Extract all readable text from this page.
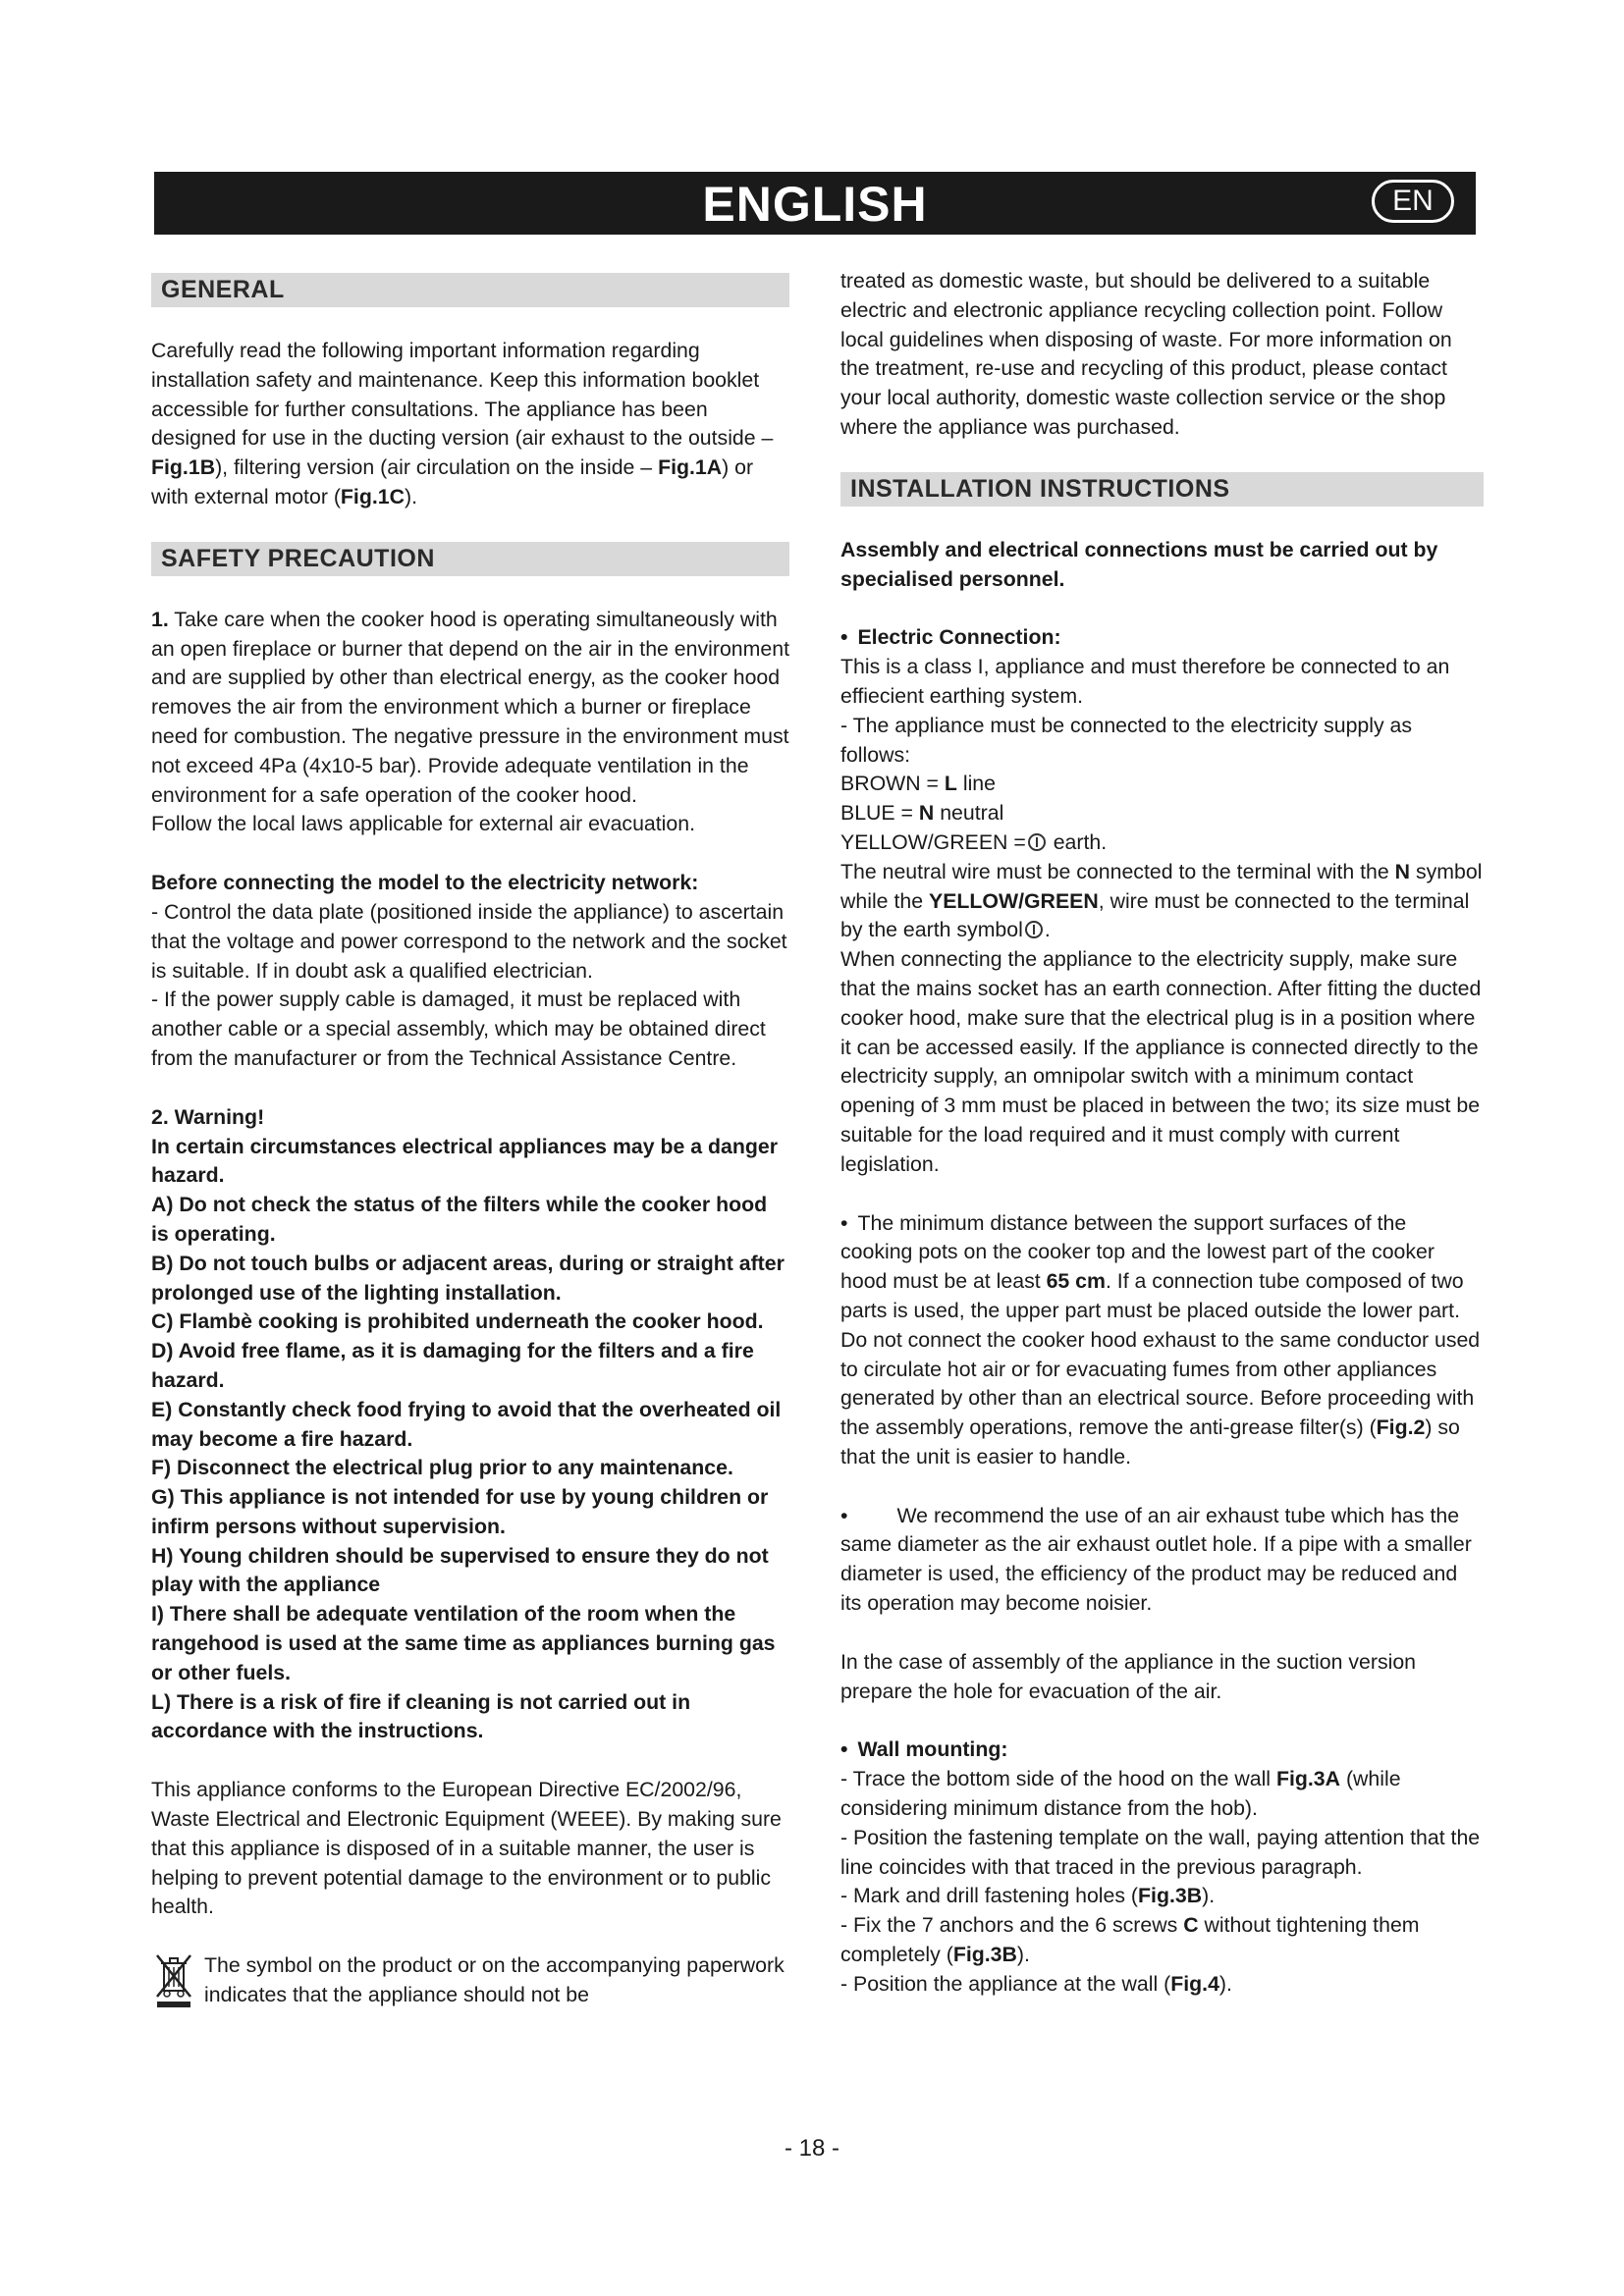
ENGLISH	EN
GENERAL

Carefully read the following important information regarding installation safety and maintenance. Keep this information booklet accessible for further consultations. The appliance has been designed for use in the ducting version (air exhaust to the outside – Fig.1B), filtering version (air circulation on the inside – Fig.1A) or with external motor (Fig.1C).

SAFETY PRECAUTION

1. Take care when the cooker hood is operating simultaneously with an open fireplace or burner that depend on the air in the environment and are supplied by other than electrical energy, as the cooker hood removes the air from the environment which a burner or fireplace need for combustion. The negative pressure in the environment must not exceed 4Pa (4x10-5 bar). Provide adequate ventilation in the environment for a safe operation of the cooker hood.
Follow the local laws applicable for external air evacuation.

Before connecting the model to the electricity network:
- Control the data plate (positioned inside the appliance) to ascertain that the voltage and power correspond to the network and the socket is suitable. If in doubt ask a qualified electrician.
- If the power supply cable is damaged, it must be replaced with another cable or a special assembly, which may be obtained direct from the manufacturer or from the Technical Assistance Centre.

2. Warning!
In certain circumstances electrical appliances may be a danger hazard.
A) Do not check the status of the filters while the cooker hood is operating.
B) Do not touch bulbs or adjacent areas, during or straight after prolonged use of the lighting installation.
C) Flambè cooking is prohibited underneath the cooker hood.
D) Avoid free flame, as it is damaging for the filters and a fire hazard.
E) Constantly check food frying to avoid that the overheated oil may become a fire hazard.
F) Disconnect the electrical plug prior to any maintenance.
G) This appliance is not intended for use by young children or infirm persons without supervision.
H) Young children should be supervised to ensure they do not play with the appliance
I) There shall be adequate ventilation of the room when the rangehood is used at the same time as appliances burning gas or other fuels.
L) There is a risk of fire if cleaning is not carried out in accordance with the instructions.

This appliance conforms to the European Directive EC/2002/96, Waste Electrical and Electronic Equipment (WEEE). By making sure that this appliance is disposed of in a suitable manner, the user is helping to prevent potential damage to the environment or to public health.

The symbol on the product or on the accompanying paperwork indicates that the appliance should not be

treated as domestic waste, but should be delivered to a suitable electric and electronic appliance recycling collection point. Follow local guidelines when disposing of waste. For more information on the treatment, re-use and recycling of this product, please contact your local authority, domestic waste collection service or the shop where the appliance was purchased.

INSTALLATION INSTRUCTIONS

Assembly and electrical connections must be carried out by specialised personnel.

• Electric Connection:
This is a class I, appliance and must therefore be connected to an effiecient earthing system.
- The appliance must be connected to the electricity supply as follows:
BROWN = L line
BLUE = N neutral
YELLOW/GREEN = earth.
The neutral wire must be connected to the terminal with the N symbol while the YELLOW/GREEN, wire must be connected to the terminal by the earth symbol .
When connecting the appliance to the electricity supply, make sure that the mains socket has an earth connection. After fitting the ducted cooker hood, make sure that the electrical plug is in a position where it can be accessed easily. If the appliance is connected directly to the electricity supply, an omnipolar switch with a minimum contact opening of 3 mm must be placed in between the two; its size must be suitable for the load required and it must comply with current legislation.

• The minimum distance between the support surfaces of the cooking pots on the cooker top and the lowest part of the cooker hood must be at least 65 cm. If a connection tube composed of two parts is used, the upper part must be placed outside the lower part. Do not connect the cooker hood exhaust to the same conductor used to circulate hot air or for evacuating fumes from other appliances generated by other than an electrical source. Before proceeding with the assembly operations, remove the anti-grease filter(s) (Fig.2) so that the unit is easier to handle.

• We recommend the use of an air exhaust tube which has the same diameter as the air exhaust outlet hole. If a pipe with a smaller diameter is used, the efficiency of the product may be reduced and its operation may become noisier.

In the case of assembly of the appliance in the suction version prepare the hole for evacuation of the air.

• Wall mounting:
- Trace the bottom side of the hood on the wall Fig.3A (while considering minimum distance from the hob).
- Position the fastening template on the wall, paying attention that the line coincides with that traced in the previous paragraph.
- Mark and drill fastening holes (Fig.3B).
- Fix the 7 anchors and the 6 screws C without tightening them completely (Fig.3B).
- Position the appliance at the wall (Fig.4).

- 18 -
